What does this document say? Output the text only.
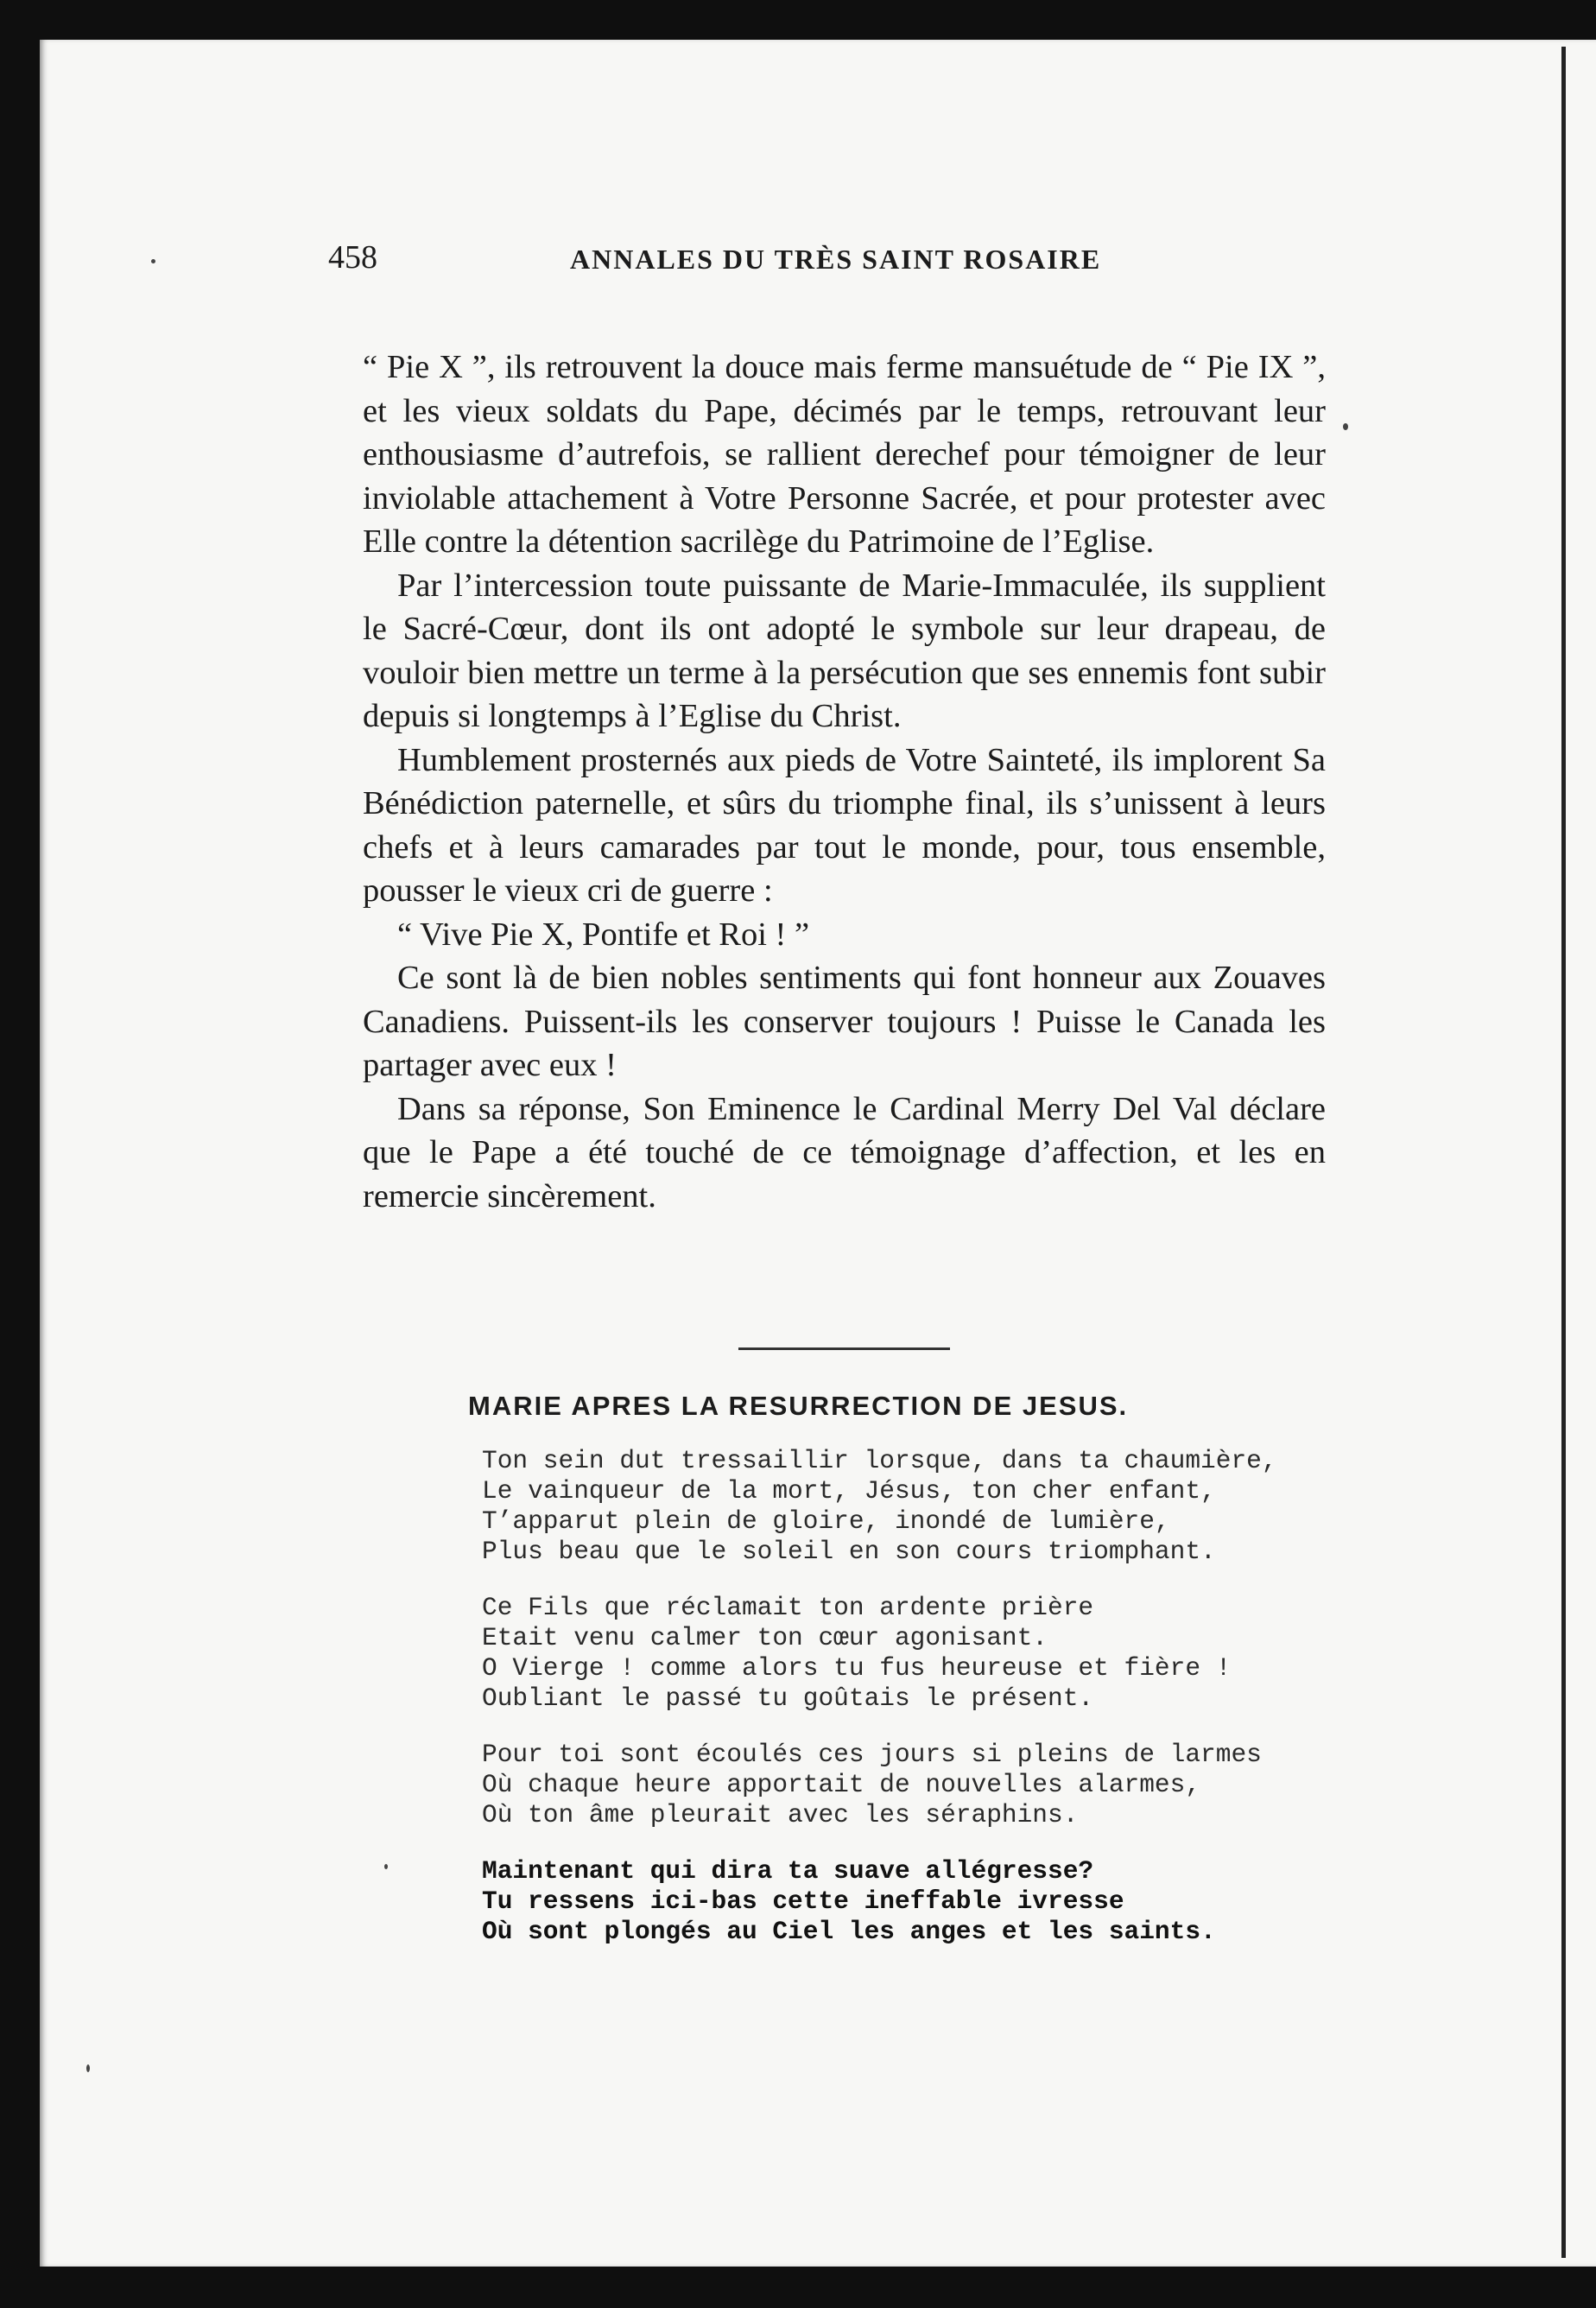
458	ANNALES DU TRÈS SAINT ROSAIRE

“ Pie X ”, ils retrouvent la douce mais ferme mansuétude de “ Pie IX ”, et les vieux soldats du Pape, décimés par le temps, retrouvant leur enthousiasme d’autrefois, se rallient derechef pour témoigner de leur inviolable attachement à Votre Personne Sacrée, et pour protester avec Elle contre la détention sacrilège du Patrimoine de l’Eglise.

Par l’intercession toute puissante de Marie-Immaculée, ils supplient le Sacré-Cœur, dont ils ont adopté le symbole sur leur drapeau, de vouloir bien mettre un terme à la persécution que ses ennemis font subir depuis si longtemps à l’Eglise du Christ.

Humblement prosternés aux pieds de Votre Sainteté, ils implorent Sa Bénédiction paternelle, et sûrs du triomphe final, ils s’unissent à leurs chefs et à leurs camarades par tout le monde, pour, tous ensemble, pousser le vieux cri de guerre :

“ Vive Pie X, Pontife et Roi ! ”

Ce sont là de bien nobles sentiments qui font honneur aux Zouaves Canadiens. Puissent-ils les conserver toujours ! Puisse le Canada les partager avec eux !

Dans sa réponse, Son Eminence le Cardinal Merry Del Val déclare que le Pape a été touché de ce témoignage d’affection, et les en remercie sincèrement.

MARIE APRES LA RESURRECTION DE JESUS.
Ton sein dut tressaillir lorsque, dans ta chaumière,
Le vainqueur de la mort, Jésus, ton cher enfant,
T’apparut plein de gloire, inondé de lumière,
Plus beau que le soleil en son cours triomphant.
Ce Fils que réclamait ton ardente prière
Etait venu calmer ton cœur agonisant.
O Vierge ! comme alors tu fus heureuse et fière !
Oubliant le passé tu goûtais le présent.
Pour toi sont écoulés ces jours si pleins de larmes
Où chaque heure apportait de nouvelles alarmes,
Où ton âme pleurait avec les séraphins.
Maintenant qui dira ta suave allégresse?
Tu ressens ici-bas cette ineffable ivresse
Où sont plongés au Ciel les anges et les saints.
